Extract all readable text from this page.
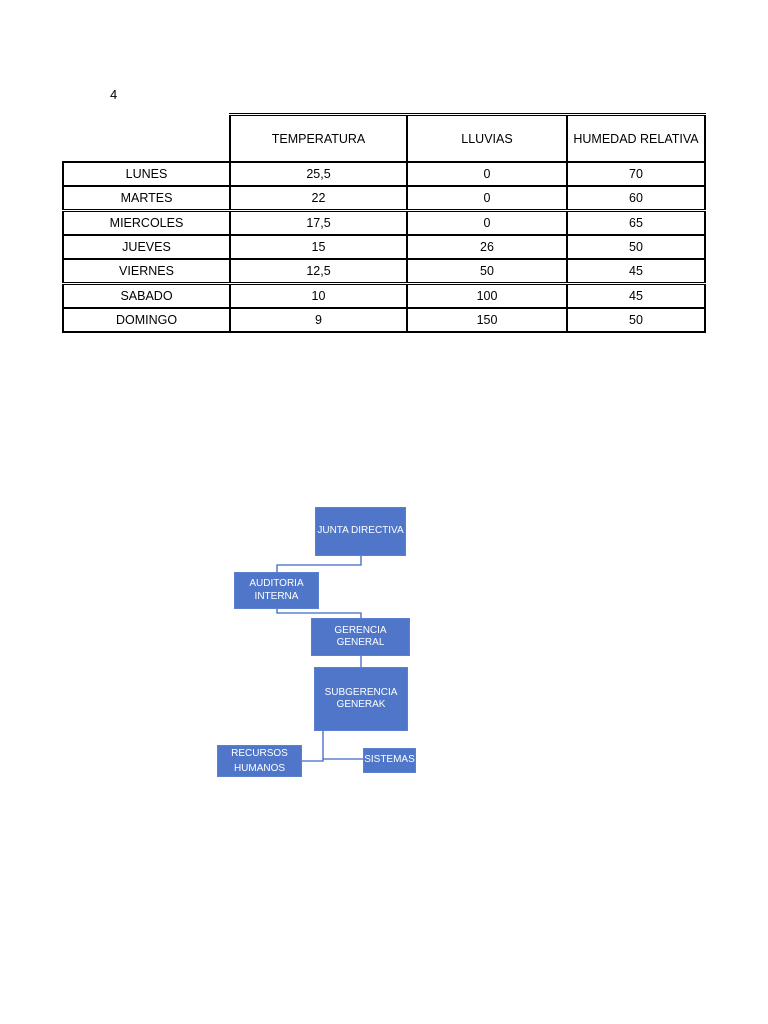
4
	TEMPERATURA	LLUVIAS	HUMEDAD RELATIVA
LUNES	25,5	0	70
MARTES	22	0	60
MIERCOLES	17,5	0	65
JUEVES	15	26	50
VIERNES	12,5	50	45
SABADO	10	100	45
DOMINGO	9	150	50
JUNTA DIRECTIVA
AUDITORIA INTERNA
GERENCIA GENERAL
SUBGERENCIA GENERAK
RECURSOS HUMANOS
SISTEMAS
